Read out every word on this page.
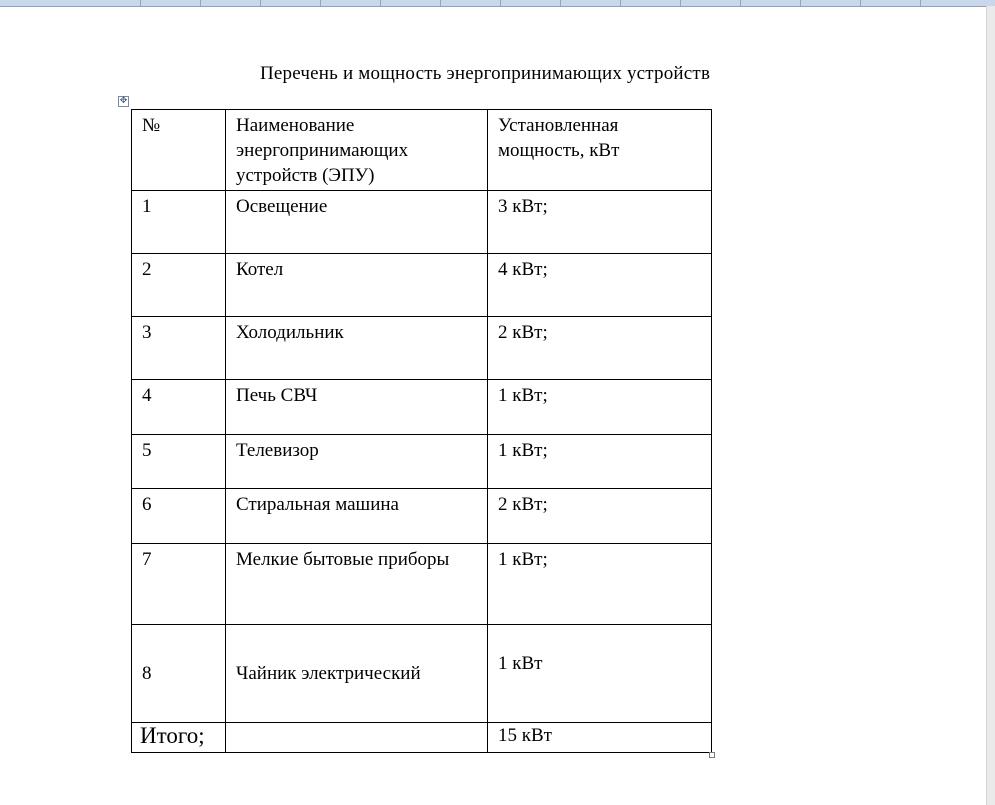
Перечень и мощность энергопринимающих устройств
✥
№	Наименование энергопринимающих устройств (ЭПУ)	Установленная мощность, кВт
1	Освещение	3 кВт;
2	Котел	4 кВт;
3	Холодильник	2 кВт;
4	Печь СВЧ	1 кВт;
5	Телевизор	1 кВт;
6	Стиральная машина	2 кВт;
7	Мелкие бытовые приборы	1 кВт;
8	Чайник электрический	1 кВт
Итого;		15 кВт
